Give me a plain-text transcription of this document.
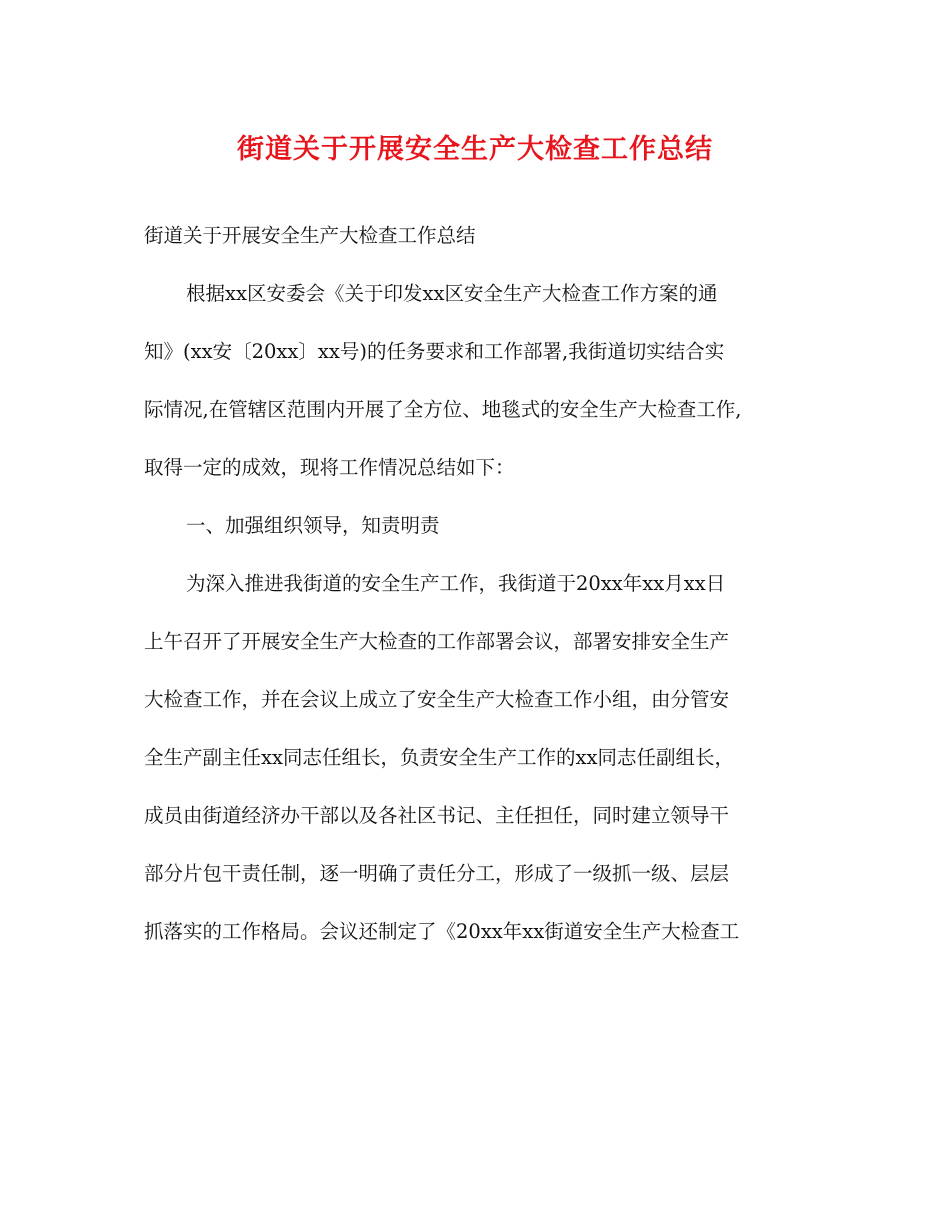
街道关于开展安全生产大检查工作总结

街道关于开展安全生产大检查工作总结

根据xx区安委会《关于印发xx区安全生产大检查工作方案的通

知》(xx安〔20xx〕xx号)的任务要求和工作部署,我街道切实结合实

际情况,在管辖区范围内开展了全方位、地毯式的安全生产大检查工作,

取得一定的成效，现将工作情况总结如下：

一、加强组织领导，知责明责

为深入推进我街道的安全生产工作，我街道于20xx年xx月xx日

上午召开了开展安全生产大检查的工作部署会议，部署安排安全生产

大检查工作，并在会议上成立了安全生产大检查工作小组，由分管安

全生产副主任xx同志任组长，负责安全生产工作的xx同志任副组长，

成员由街道经济办干部以及各社区书记、主任担任，同时建立领导干

部分片包干责任制，逐一明确了责任分工，形成了一级抓一级、层层

抓落实的工作格局。会议还制定了《20xx年xx街道安全生产大检查工
